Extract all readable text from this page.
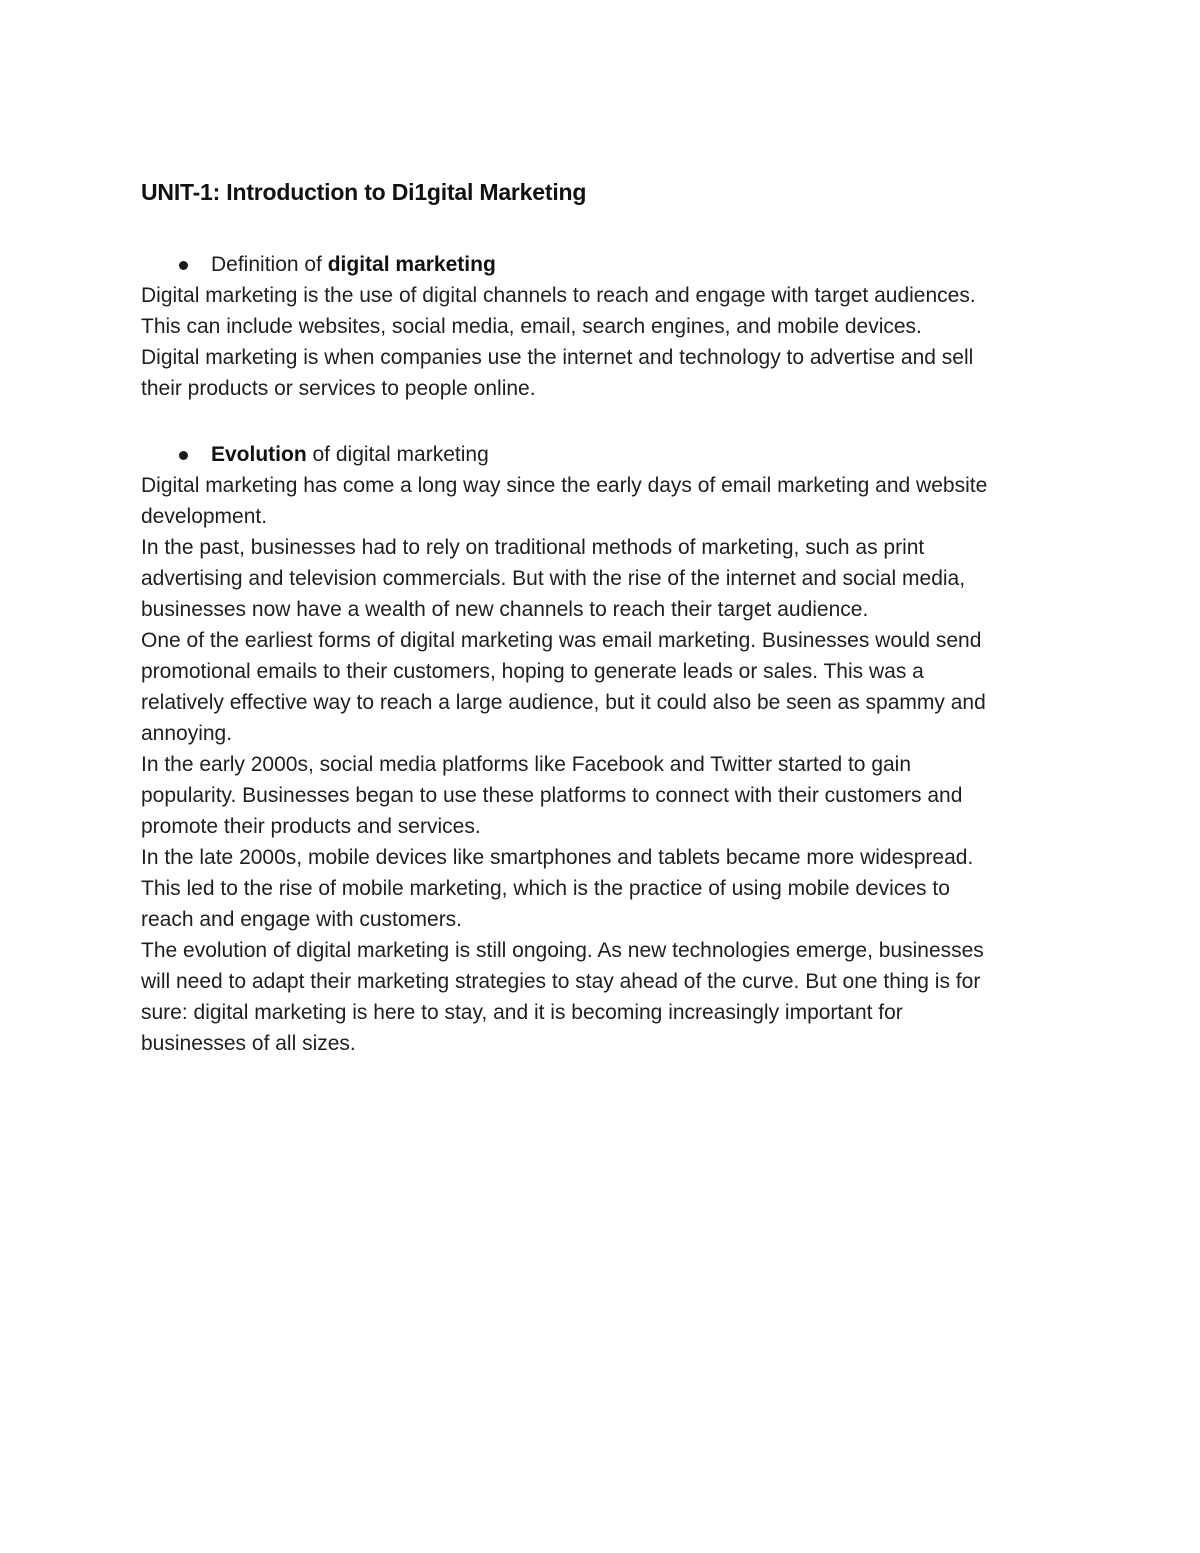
UNIT-1: Introduction to Di1gital Marketing
Definition of digital marketing

Digital marketing is the use of digital channels to reach and engage with target audiences. This can include websites, social media, email, search engines, and mobile devices.

Digital marketing is when companies use the internet and technology to advertise and sell their products or services to people online.

Evolution of digital marketing

Digital marketing has come a long way since the early days of email marketing and website development.

In the past, businesses had to rely on traditional methods of marketing, such as print advertising and television commercials. But with the rise of the internet and social media, businesses now have a wealth of new channels to reach their target audience.

One of the earliest forms of digital marketing was email marketing. Businesses would send promotional emails to their customers, hoping to generate leads or sales. This was a relatively effective way to reach a large audience, but it could also be seen as spammy and annoying.

In the early 2000s, social media platforms like Facebook and Twitter started to gain popularity. Businesses began to use these platforms to connect with their customers and promote their products and services.

In the late 2000s, mobile devices like smartphones and tablets became more widespread. This led to the rise of mobile marketing, which is the practice of using mobile devices to reach and engage with customers.

The evolution of digital marketing is still ongoing. As new technologies emerge, businesses will need to adapt their marketing strategies to stay ahead of the curve. But one thing is for sure: digital marketing is here to stay, and it is becoming increasingly important for businesses of all sizes.
